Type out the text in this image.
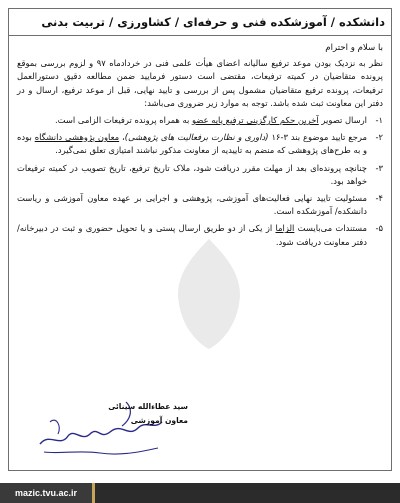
دانشکده / آموزشکده فنی و حرفه‌ای / کشاورزی / تربیت بدنی
با سلام و احترام
نظر به نزدیک بودن موعد ترفیع سالیانه اعضای هیأت علمی فنی در خردادماه ۹۷ و لزوم بررسی بموقع پرونده متقاضیان در کمیته ترفیعات، مقتضی است دستور فرمایید ضمن مطالعه دقیق دستورالعمل ترفیعات، پرونده ترفیع متقاضیان مشمول پس از بررسی و تایید نهایی، قبل از موعد ترفیع، ارسال و در دفتر این معاونت ثبت شده باشد. توجه به موارد زیر ضروری می‌باشد:
۱-
ارسال تصویر آخرین حکم کارگزینی ترفیع پایه عضو به همراه پرونده ترفیعات الزامی است.
۲-
مرجع تایید موضوع بند ۳-۱۶ (داوری و نظارت برفعالیت های پژوهشی)، معاون پژوهشی دانشگاه بوده و به طرح‌های پژوهشی که منضم به تاییدیه از معاونت مذکور نباشند امتیازی تعلق نمی‌گیرد.
۳-
چنانچه پرونده‌ای بعد از مهلت مقرر دریافت شود، ملاک تاریخ ترفیع، تاریخ تصویب در کمیته ترفیعات خواهد بود.
۴-
مسئولیت تایید نهایی فعالیت‌های آموزشی، پژوهشی و اجرایی بر عهده معاون آموزشی و ریاست دانشکده/ آموزشکده است.
۵-
مستندات می‌بایست الزاما از یکی از دو طریق ارسال پستی و یا تحویل حضوری و ثبت در دبیرخانه/دفتر معاونت دریافت شود.
سید عطاءالله سینائی
معاون آموزشی
mazic.tvu.ac.ir
